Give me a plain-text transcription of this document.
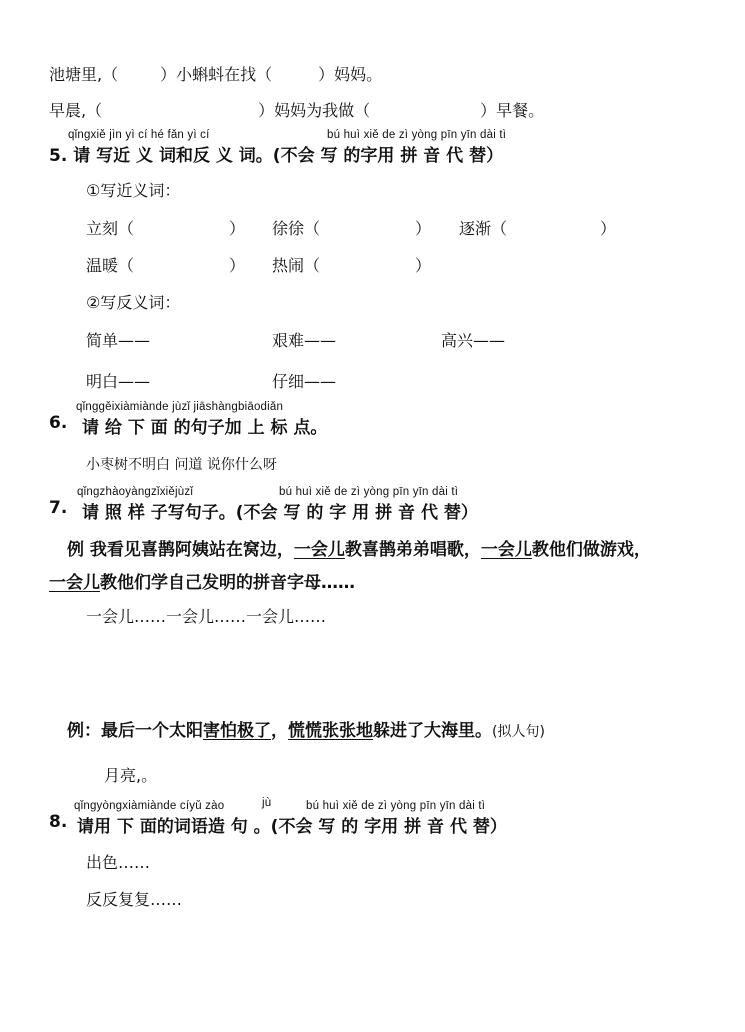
池塘里,（	）小蝌蚪在找（	）妈妈。
早晨,（	）妈妈为我做（	）早餐。
qǐngxiě jìn yì cí hé fǎn yì cí	bú huì xiě de zì yòng pīn yīn dài tì
5. 请 写近 义 词和反 义 词。(不会 写 的字用 拼 音 代 替）
①写近义词：
立刻（	） 徐徐（	） 逐渐（	）
温暖（	） 热闹（	）
②写反义词：
简单——	艰难——	高兴——
明白——	仔细——
qǐnggěixiàmiànde jùzǐ jiāshàngbiāodiǎn
6. 请 给 下 面 的句子加 上 标 点。
小枣树不明白 问道 说你什么呀
qǐngzhàoyàngzǐxiějùzǐ	bú huì xiě de zì yòng pīn yīn dài tì
7. 请 照 样 子写句子。(不会 写 的 字 用 拼 音 代 替）
例 我看见喜鹊阿姨站在窝边，一会儿教喜鹊弟弟唱歌，一会儿教他们做游戏，
一会儿教他们学自己发明的拼音字母……
一会儿……一会儿……一会儿……
例：最后一个太阳害怕极了，慌慌张张地躲进了大海里。(拟人句)
月亮,。
qǐngyòngxiàmiànde cíyǔ zào	jù	bú huì xiě de zì yòng pīn yīn dài tì
8. 请用 下 面的词语造 句 。(不会 写 的 字用 拼 音 代 替）
出色……
反反复复……
